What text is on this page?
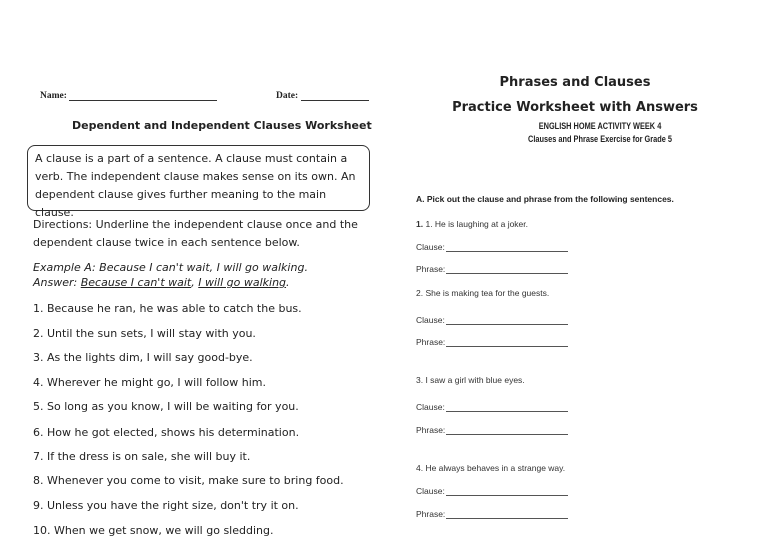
Name:	Date:
Dependent and Independent Clauses Worksheet
A clause is a part of a sentence. A clause must contain a
verb. The independent clause makes sense on its own. An
dependent clause gives further meaning to the main clause.
Directions: Underline the independent clause once and the
dependent clause twice in each sentence below.
Example A: Because I can't wait, I will go walking.
Answer: Because I can't wait, I will go walking.
1. Because he ran, he was able to catch the bus.
2. Until the sun sets, I will stay with you.
3. As the lights dim, I will say good-bye.
4. Wherever he might go, I will follow him.
5. So long as you know, I will be waiting for you.
6. How he got elected, shows his determination.
7. If the dress is on sale, she will buy it.
8. Whenever you come to visit, make sure to bring food.
9. Unless you have the right size, don't try it on.
10. When we get snow, we will go sledding.
Phrases and Clauses
Practice Worksheet with Answers
ENGLISH HOME ACTIVITY WEEK 4
Clauses and Phrase Exercise for Grade 5
A. Pick out the clause and phrase from the following sentences.
1. 1. He is laughing at a joker.
Clause:
Phrase:
2. She is making tea for the guests.
Clause:
Phrase:
3. I saw a girl with blue eyes.
Clause:
Phrase:
4. He always behaves in a strange way.
Clause:
Phrase:
